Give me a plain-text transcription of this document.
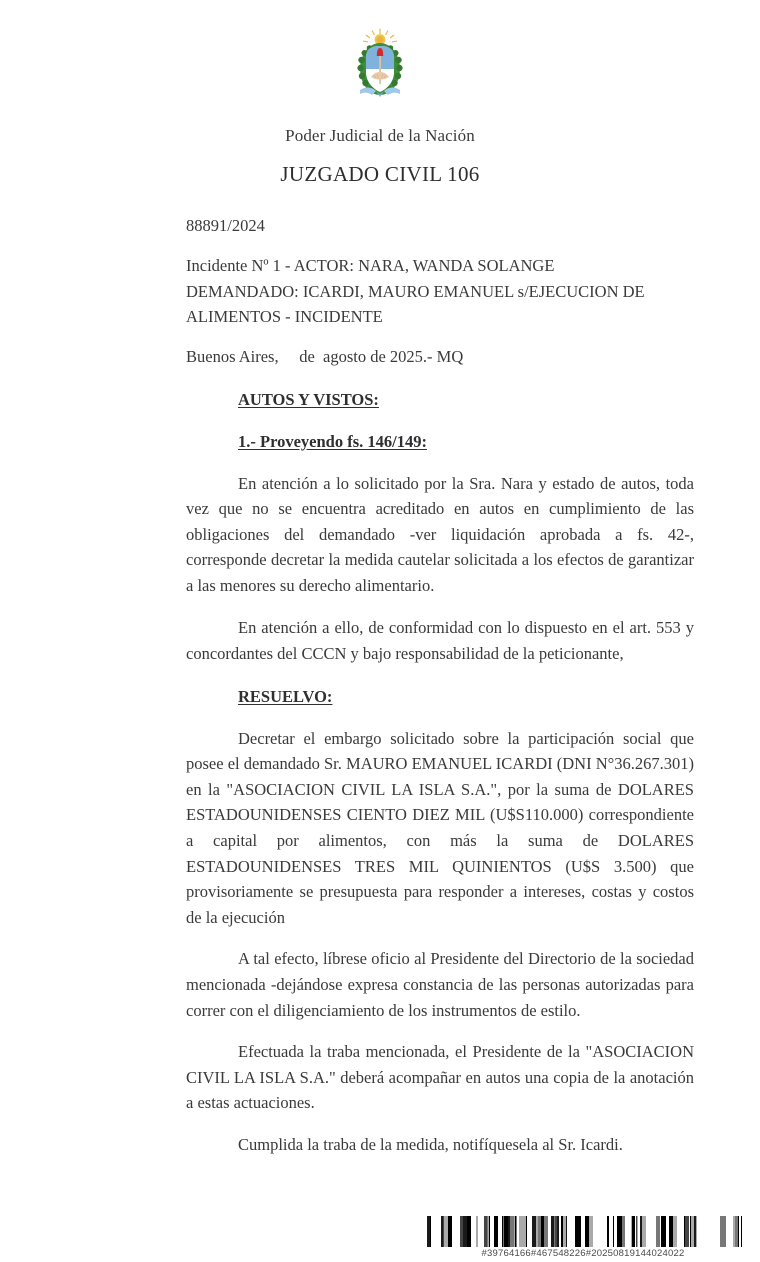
Poder Judicial de la Nación
JUZGADO CIVIL 106
88891/2024
Incidente Nº 1 - ACTOR: NARA, WANDA SOLANGE
DEMANDADO: ICARDI, MAURO EMANUEL s/EJECUCION DE
ALIMENTOS - INCIDENTE
Buenos Aires,     de  agosto de 2025.- MQ
AUTOS Y VISTOS:
1.- Proveyendo fs. 146/149:

En atención a lo solicitado por la Sra. Nara y estado de autos, toda vez que no se encuentra acreditado en autos en cumplimiento de las obligaciones del demandado -ver liquidación aprobada a fs. 42-, corresponde decretar la medida cautelar solicitada a los efectos de garantizar a las menores su derecho alimentario.

En atención a ello, de conformidad con lo dispuesto en el art. 553 y concordantes del CCCN y bajo responsabilidad de la peticionante,

RESUELVO:

Decretar el embargo solicitado sobre la participación social que posee el demandado Sr. MAURO EMANUEL ICARDI (DNI N°36.267.301) en la "ASOCIACION CIVIL LA ISLA S.A.", por la suma de DOLARES ESTADOUNIDENSES CIENTO DIEZ MIL (U$S110.000) correspondiente a capital por alimentos, con más la suma de DOLARES ESTADOUNIDENSES TRES MIL QUINIENTOS (U$S 3.500) que provisoriamente se presupuesta para responder a intereses, costas y costos de la ejecución

A tal efecto, líbrese oficio al Presidente del Directorio de la sociedad mencionada -dejándose expresa constancia de las personas autorizadas para correr con el diligenciamiento de los instrumentos de estilo.

Efectuada la traba mencionada, el Presidente de la "ASOCIACION CIVIL LA ISLA S.A." deberá acompañar en autos una copia de la anotación a estas actuaciones.

Cumplida la traba de la medida, notifíquesela al Sr. Icardi.

#39764166#467548226#20250819144024022
